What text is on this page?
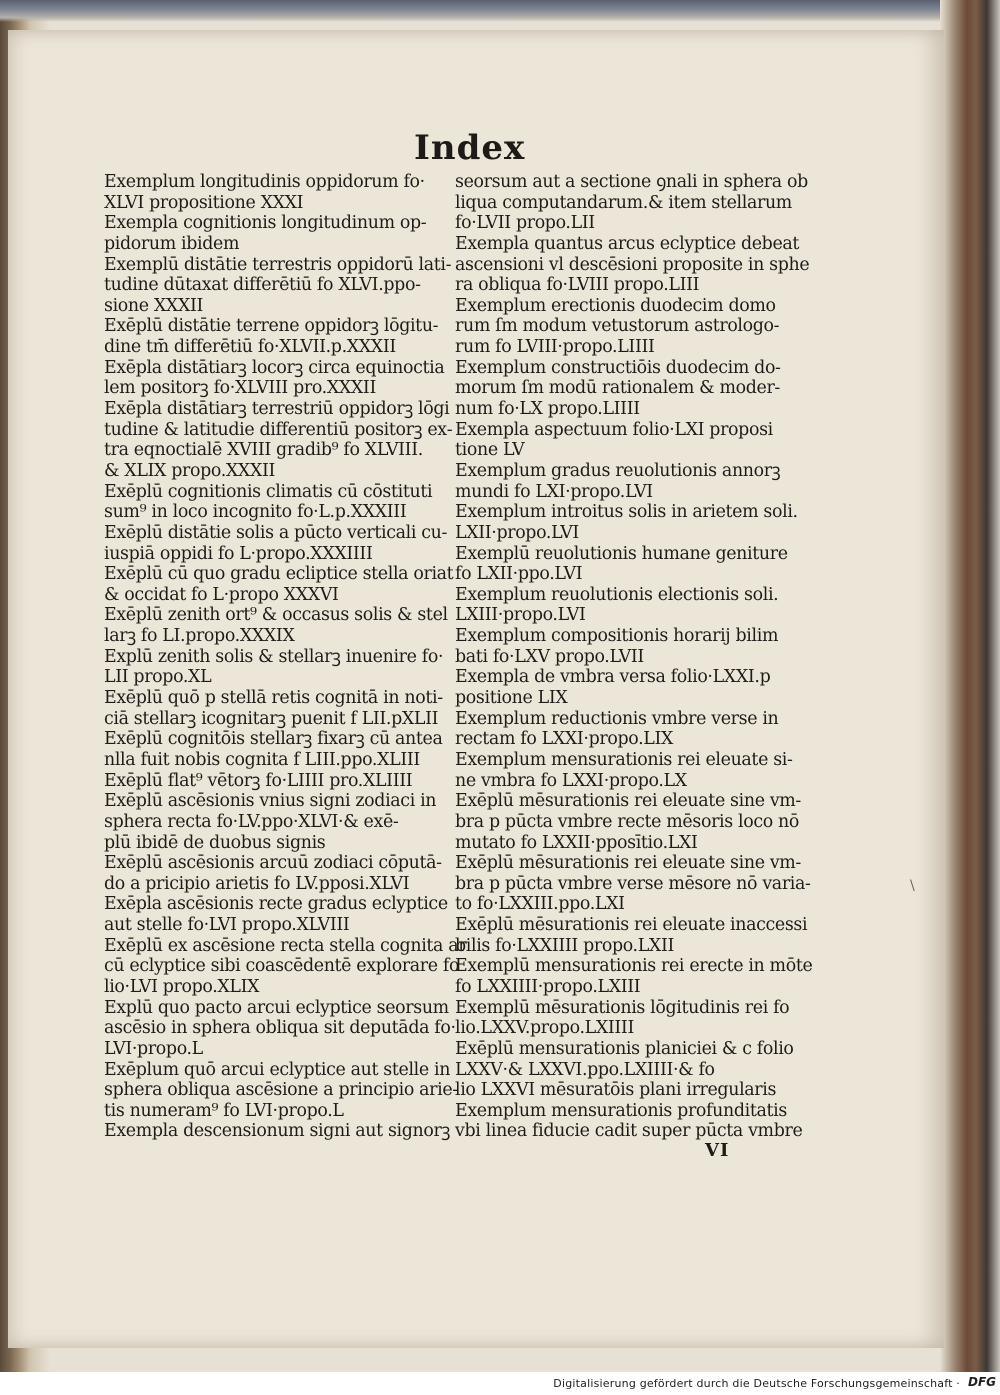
Index
Exemplum longitudinis oppidorum fo·
XLVI propositione XXXI
Exempla cognitionis longitudinum op‑
pidorum ibidem
Exemplū distātie terrestris oppidorū lati‑
tudine dūtaxat differētiū fo XLVI.ppo‑
sione XXXII
Exēplū distātie terrene oppidorꝫ lōgitu‑
dine tm̄ differētiū fo·XLVII.p.XXXII
Exēpla distātiarꝫ locorꝫ circa equinoctia
lem positorꝫ fo·XLVIII pro.XXXII
Exēpla distātiarꝫ terrestriū oppidorꝫ lōgi
tudine & latitudie differentiū positorꝫ ex‑
tra eqnoctialē XVIII gradib⁹ fo XLVIII.
& XLIX propo.XXXII
Exēplū cognitionis climatis cū cōstituti
sum⁹ in loco incognito fo·L.p.XXXIII
Exēplū distātie solis a pūcto verticali cu‑
iuspiā oppidi fo L·propo.XXXIIII
Exēplū cū quo gradu ecliptice stella oriat
& occidat fo L·propo XXXVI
Exēplū zenith ort⁹ & occasus solis & stel
larꝫ fo LI.propo.XXXIX
Explū zenith solis & stellarꝫ inuenire fo·
LII propo.XL
Exēplū quō p stellā retis cognitā in noti‑
ciā stellarꝫ icognitarꝫ puenit f LII.pXLII
Exēplū cognitōis stellarꝫ fixarꝫ cū antea
nlla fuit nobis cognita f LIII.ppo.XLIII
Exēplū flat⁹ vētorꝫ fo·LIIII pro.XLIIII
Exēplū ascēsionis vnius signi zodiaci in
sphera recta fo·LV.ppo·XLVI·& exē‑
plū ibidē de duobus signis
Exēplū ascēsionis arcuū zodiaci cōputā‑
do a pricipio arietis fo LV.pposi.XLVI
Exēpla ascēsionis recte gradus eclyptice
aut stelle fo·LVI propo.XLVIII
Exēplū ex ascēsione recta stella cognita ar
cū eclyptice sibi coascēdentē explorare fo
lio·LVI propo.XLIX
Explū quo pacto arcui eclyptice seorsum
ascēsio in sphera obliqua sit deputāda fo·
LVI·propo.L
Exēplum quō arcui eclyptice aut stelle in
sphera obliqua ascēsione a principio arie‑
tis numeram⁹ fo LVI·propo.L
Exempla descensionum signi aut signorꝫ
seorsum aut a sectione ꝯnali in sphera ob
liqua computandarum.& item stellarum
fo·LVII propo.LII
Exempla quantus arcus eclyptice debeat
ascensioni vl descēsioni proposite in sphe
ra obliqua fo·LVIII propo.LIII
Exemplum erectionis duodecim domo
rum ſm modum vetustorum astrologo‑
rum fo LVIII·propo.LIIII
Exemplum constructiōis duodecim do‑
morum ſm modū rationalem & moder‑
num fo·LX propo.LIIII
Exempla aspectuum folio·LXI proposi
tione LV
Exemplum gradus reuolutionis annorꝫ
mundi fo LXI·propo.LVI
Exemplum introitus solis in arietem soli.
LXII·propo.LVI
Exemplū reuolutionis humane geniture
fo LXII·ppo.LVI
Exemplum reuolutionis electionis soli.
LXIII·propo.LVI
Exemplum compositionis horarij bilim
bati fo·LXV propo.LVII
Exempla de vmbra versa folio·LXXI.p
positione LIX
Exemplum reductionis vmbre verse in
rectam fo LXXI·propo.LIX
Exemplum mensurationis rei eleuate si‑
ne vmbra fo LXXI·propo.LX
Exēplū mēsurationis rei eleuate sine vm‑
bra p pūcta vmbre recte mēsoris loco nō
mutato fo LXXII·pposītio.LXI
Exēplū mēsurationis rei eleuate sine vm‑
bra p pūcta vmbre verse mēsore nō varia‑
to fo·LXXIII.ppo.LXI
Exēplū mēsurationis rei eleuate inaccessi
bilis fo·LXXIIII propo.LXII
Exemplū mensurationis rei erecte in mōte
fo LXXIIII·propo.LXIII
Exemplū mēsurationis lōgitudinis rei fo
lio.LXXV.propo.LXIIII
Exēplū mensurationis planiciei & c folio
LXXV·& LXXVI.ppo.LXIIII·& fo
lio LXXVI mēsuratōis plani irregularis
Exemplum mensurationis profunditatis
vbi linea fiducie cadit super pūcta vmbre
VI
\
Digitalisierung gefördert durch die Deutsche Forschungsgemeinschaft · DFG
